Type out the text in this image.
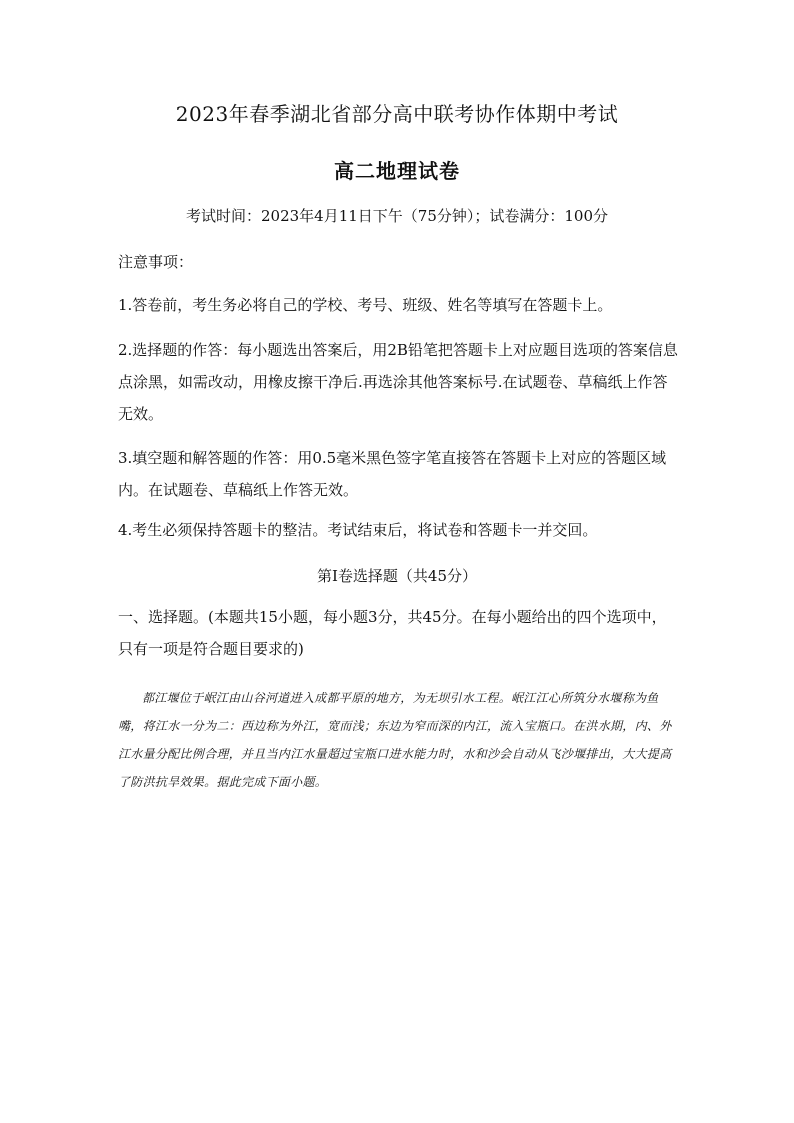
2023年春季湖北省部分高中联考协作体期中考试
高二地理试卷
考试时间：2023年4月11日下午（75分钟）；试卷满分：100分
注意事项：
1.答卷前，考生务必将自己的学校、考号、班级、姓名等填写在答题卡上。
2.选择题的作答：每小题选出答案后，用2B铅笔把答题卡上对应题目选项的答案信息点涂黑，如需改动，用橡皮擦干净后.再选涂其他答案标号.在试题卷、草稿纸上作答无效。
3.填空题和解答题的作答：用0.5毫米黑色签字笔直接答在答题卡上对应的答题区域内。在试题卷、草稿纸上作答无效。
4.考生必须保持答题卡的整洁。考试结束后，将试卷和答题卡一并交回。
第Ⅰ卷选择题（共45分）
一、选择题。(本题共15小题，每小题3分，共45分。在每小题给出的四个选项中，只有一项是符合题目要求的)
都江堰位于岷江由山谷河道进入成都平原的地方，为无坝引水工程。岷江江心所筑分水堰称为鱼嘴，将江水一分为二：西边称为外江，宽而浅；东边为窄而深的内江，流入宝瓶口。在洪水期，内、外江水量分配比例合理，并且当内江水量超过宝瓶口进水能力时，水和沙会自动从飞沙堰排出，大大提高了防洪抗旱效果。据此完成下面小题。
